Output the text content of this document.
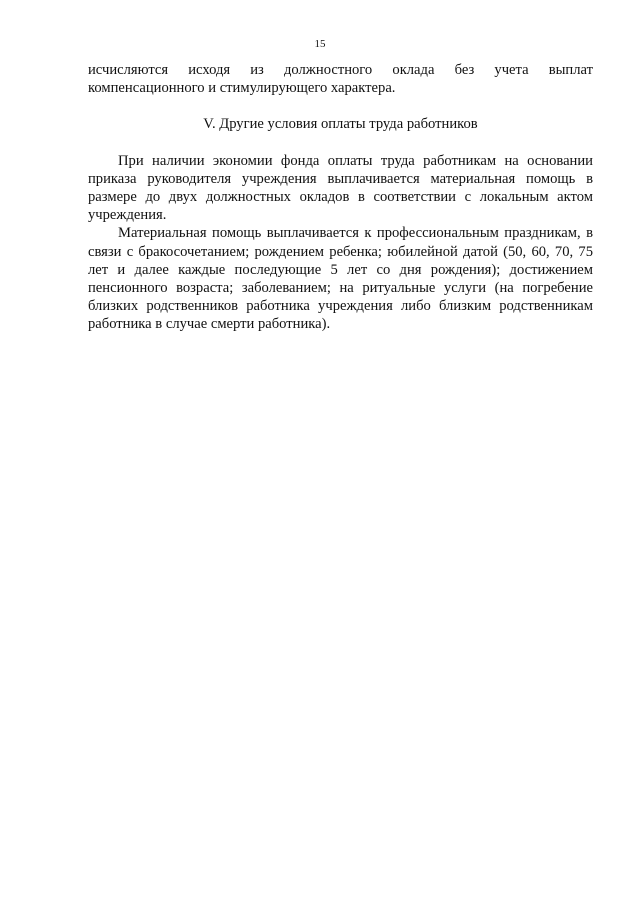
15

исчисляются исходя из должностного оклада без учета выплат компенсационного и стимулирующего характера.

V. Другие условия оплаты труда работников

При наличии экономии фонда оплаты труда работникам на основании приказа руководителя учреждения выплачивается материальная помощь в размере до двух должностных окладов в соответствии с локальным актом учреждения.

Материальная помощь выплачивается к профессиональным праздникам, в связи с бракосочетанием; рождением ребенка; юбилейной датой (50, 60, 70, 75 лет и далее каждые последующие 5 лет со дня рождения); достижением пенсионного возраста; заболеванием; на ритуальные услуги (на погребение близких родственников работника учреждения либо близким родственникам работника в случае смерти работника).
